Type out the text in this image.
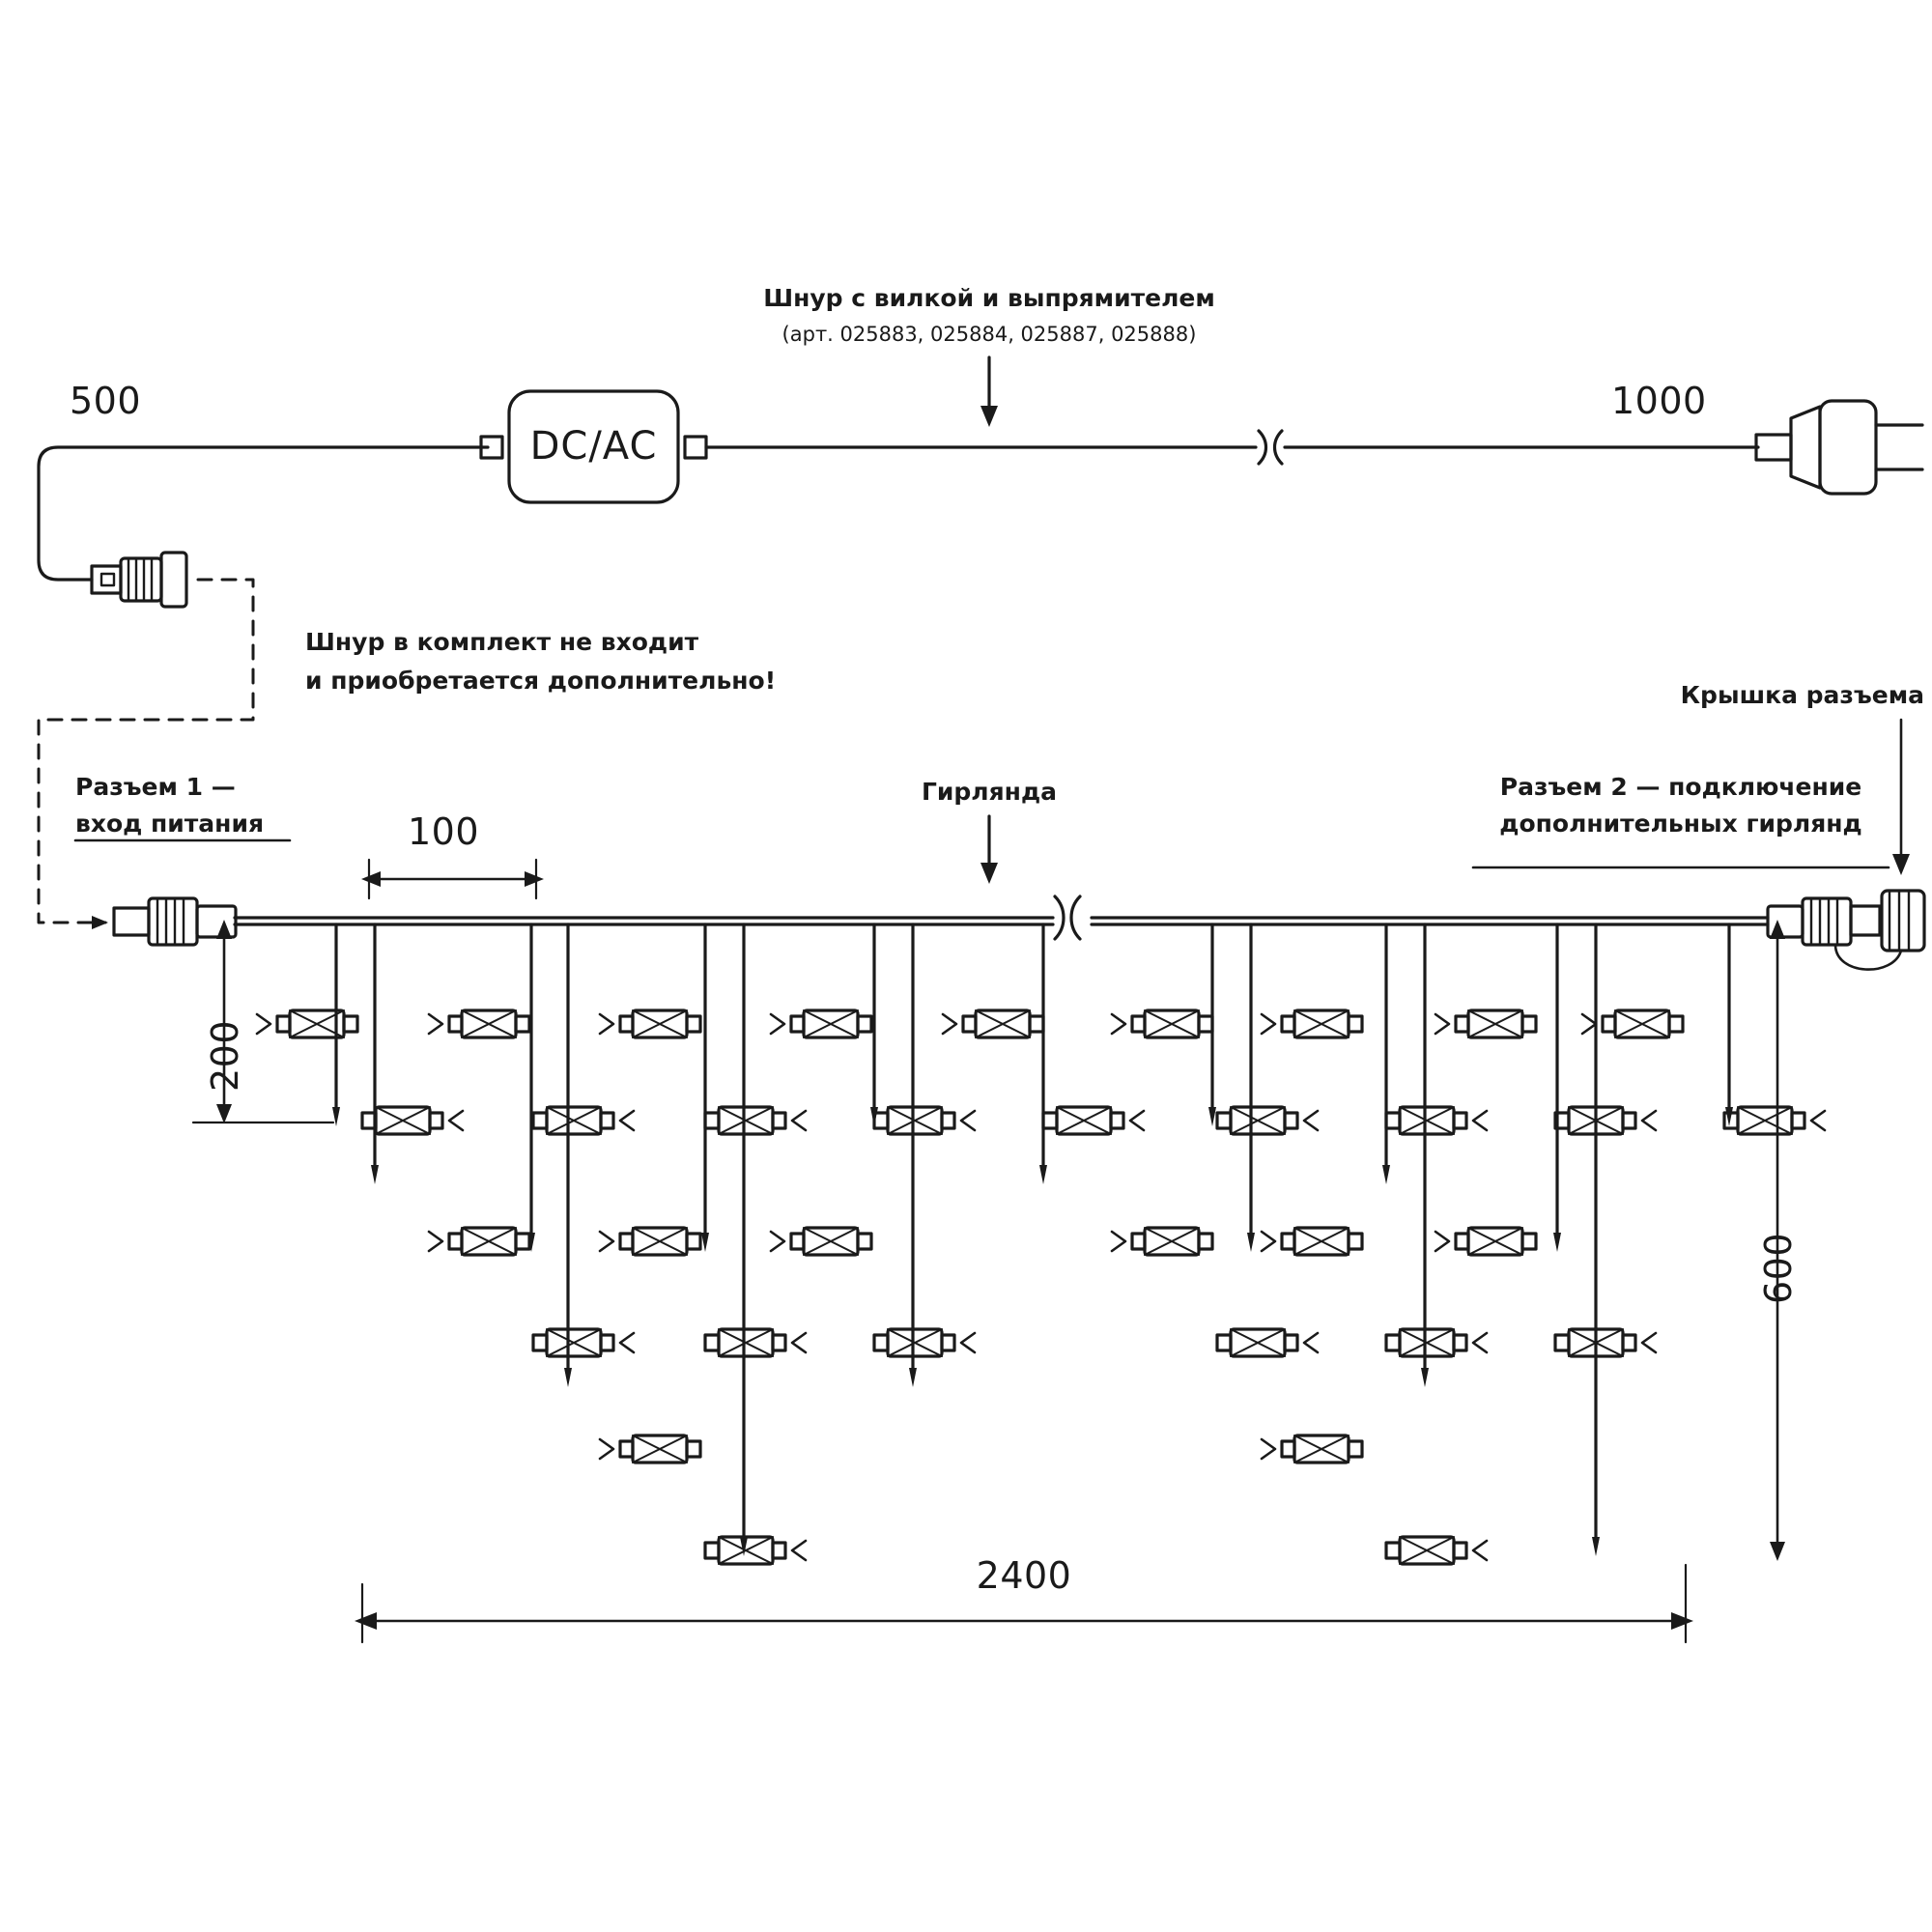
500	1000
Шнур с вилкой и выпрямителем
(арт. 025883, 025884, 025887, 025888)
DC/AC
Шнур в комплект не входит
и приобретается дополнительно!
Разъем 1 —
вход питания
Гирлянда
Крышка разъема
Разъем 2 — подключение
дополнительных гирлянд
100
200
600
2400
